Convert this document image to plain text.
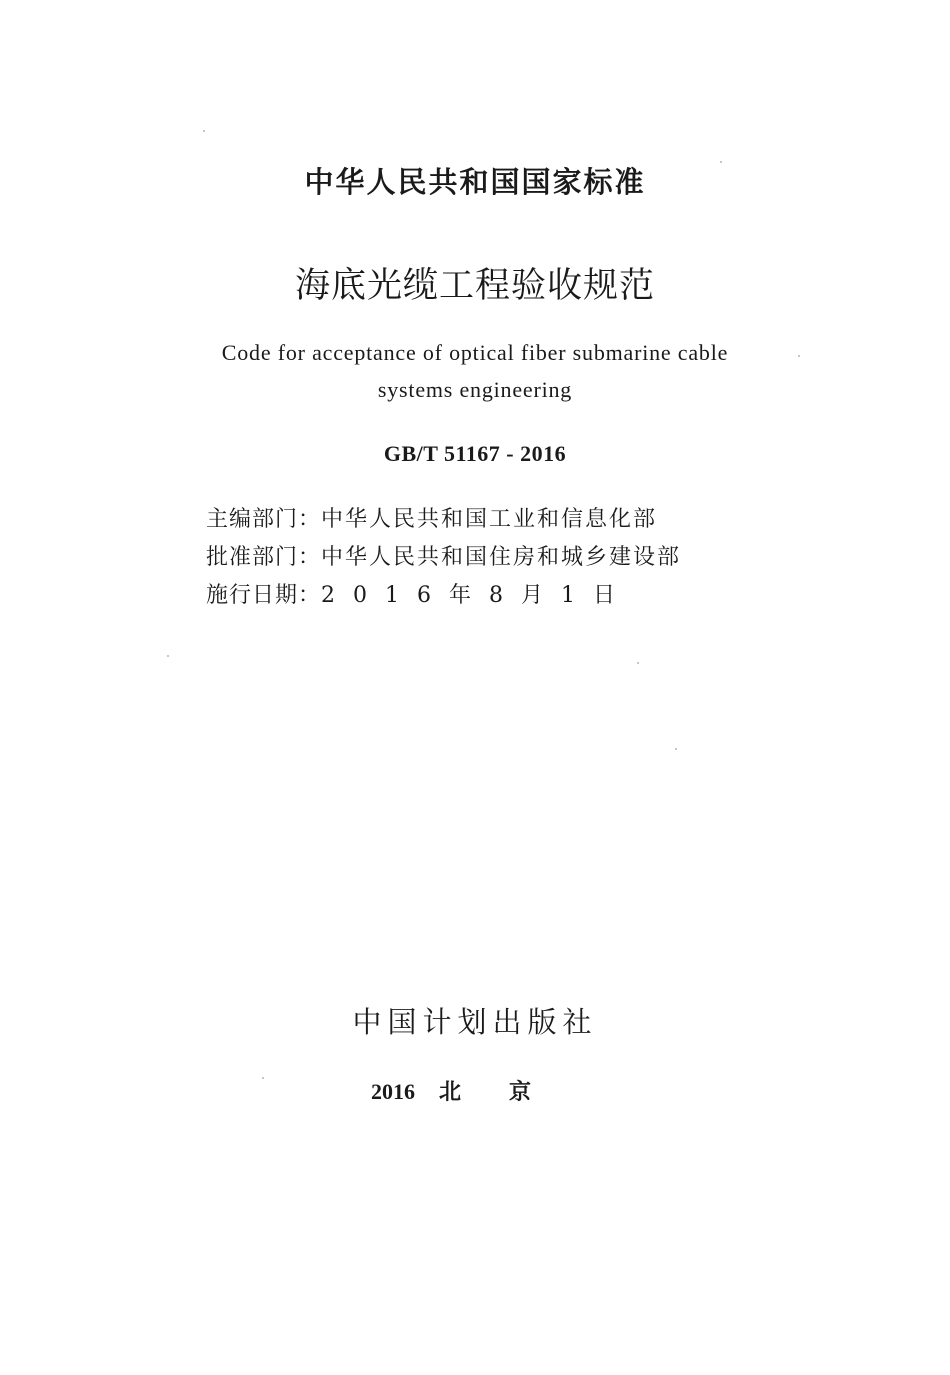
中华人民共和国国家标准
海底光缆工程验收规范
Code for acceptance of optical fiber submarine cable
systems engineering
GB/T 51167 - 2016
主编部门： 中华人民共和国工业和信息化部
批准部门： 中华人民共和国住房和城乡建设部
施行日期： 2016年8月1日
中国计划出版社
2016 北京
